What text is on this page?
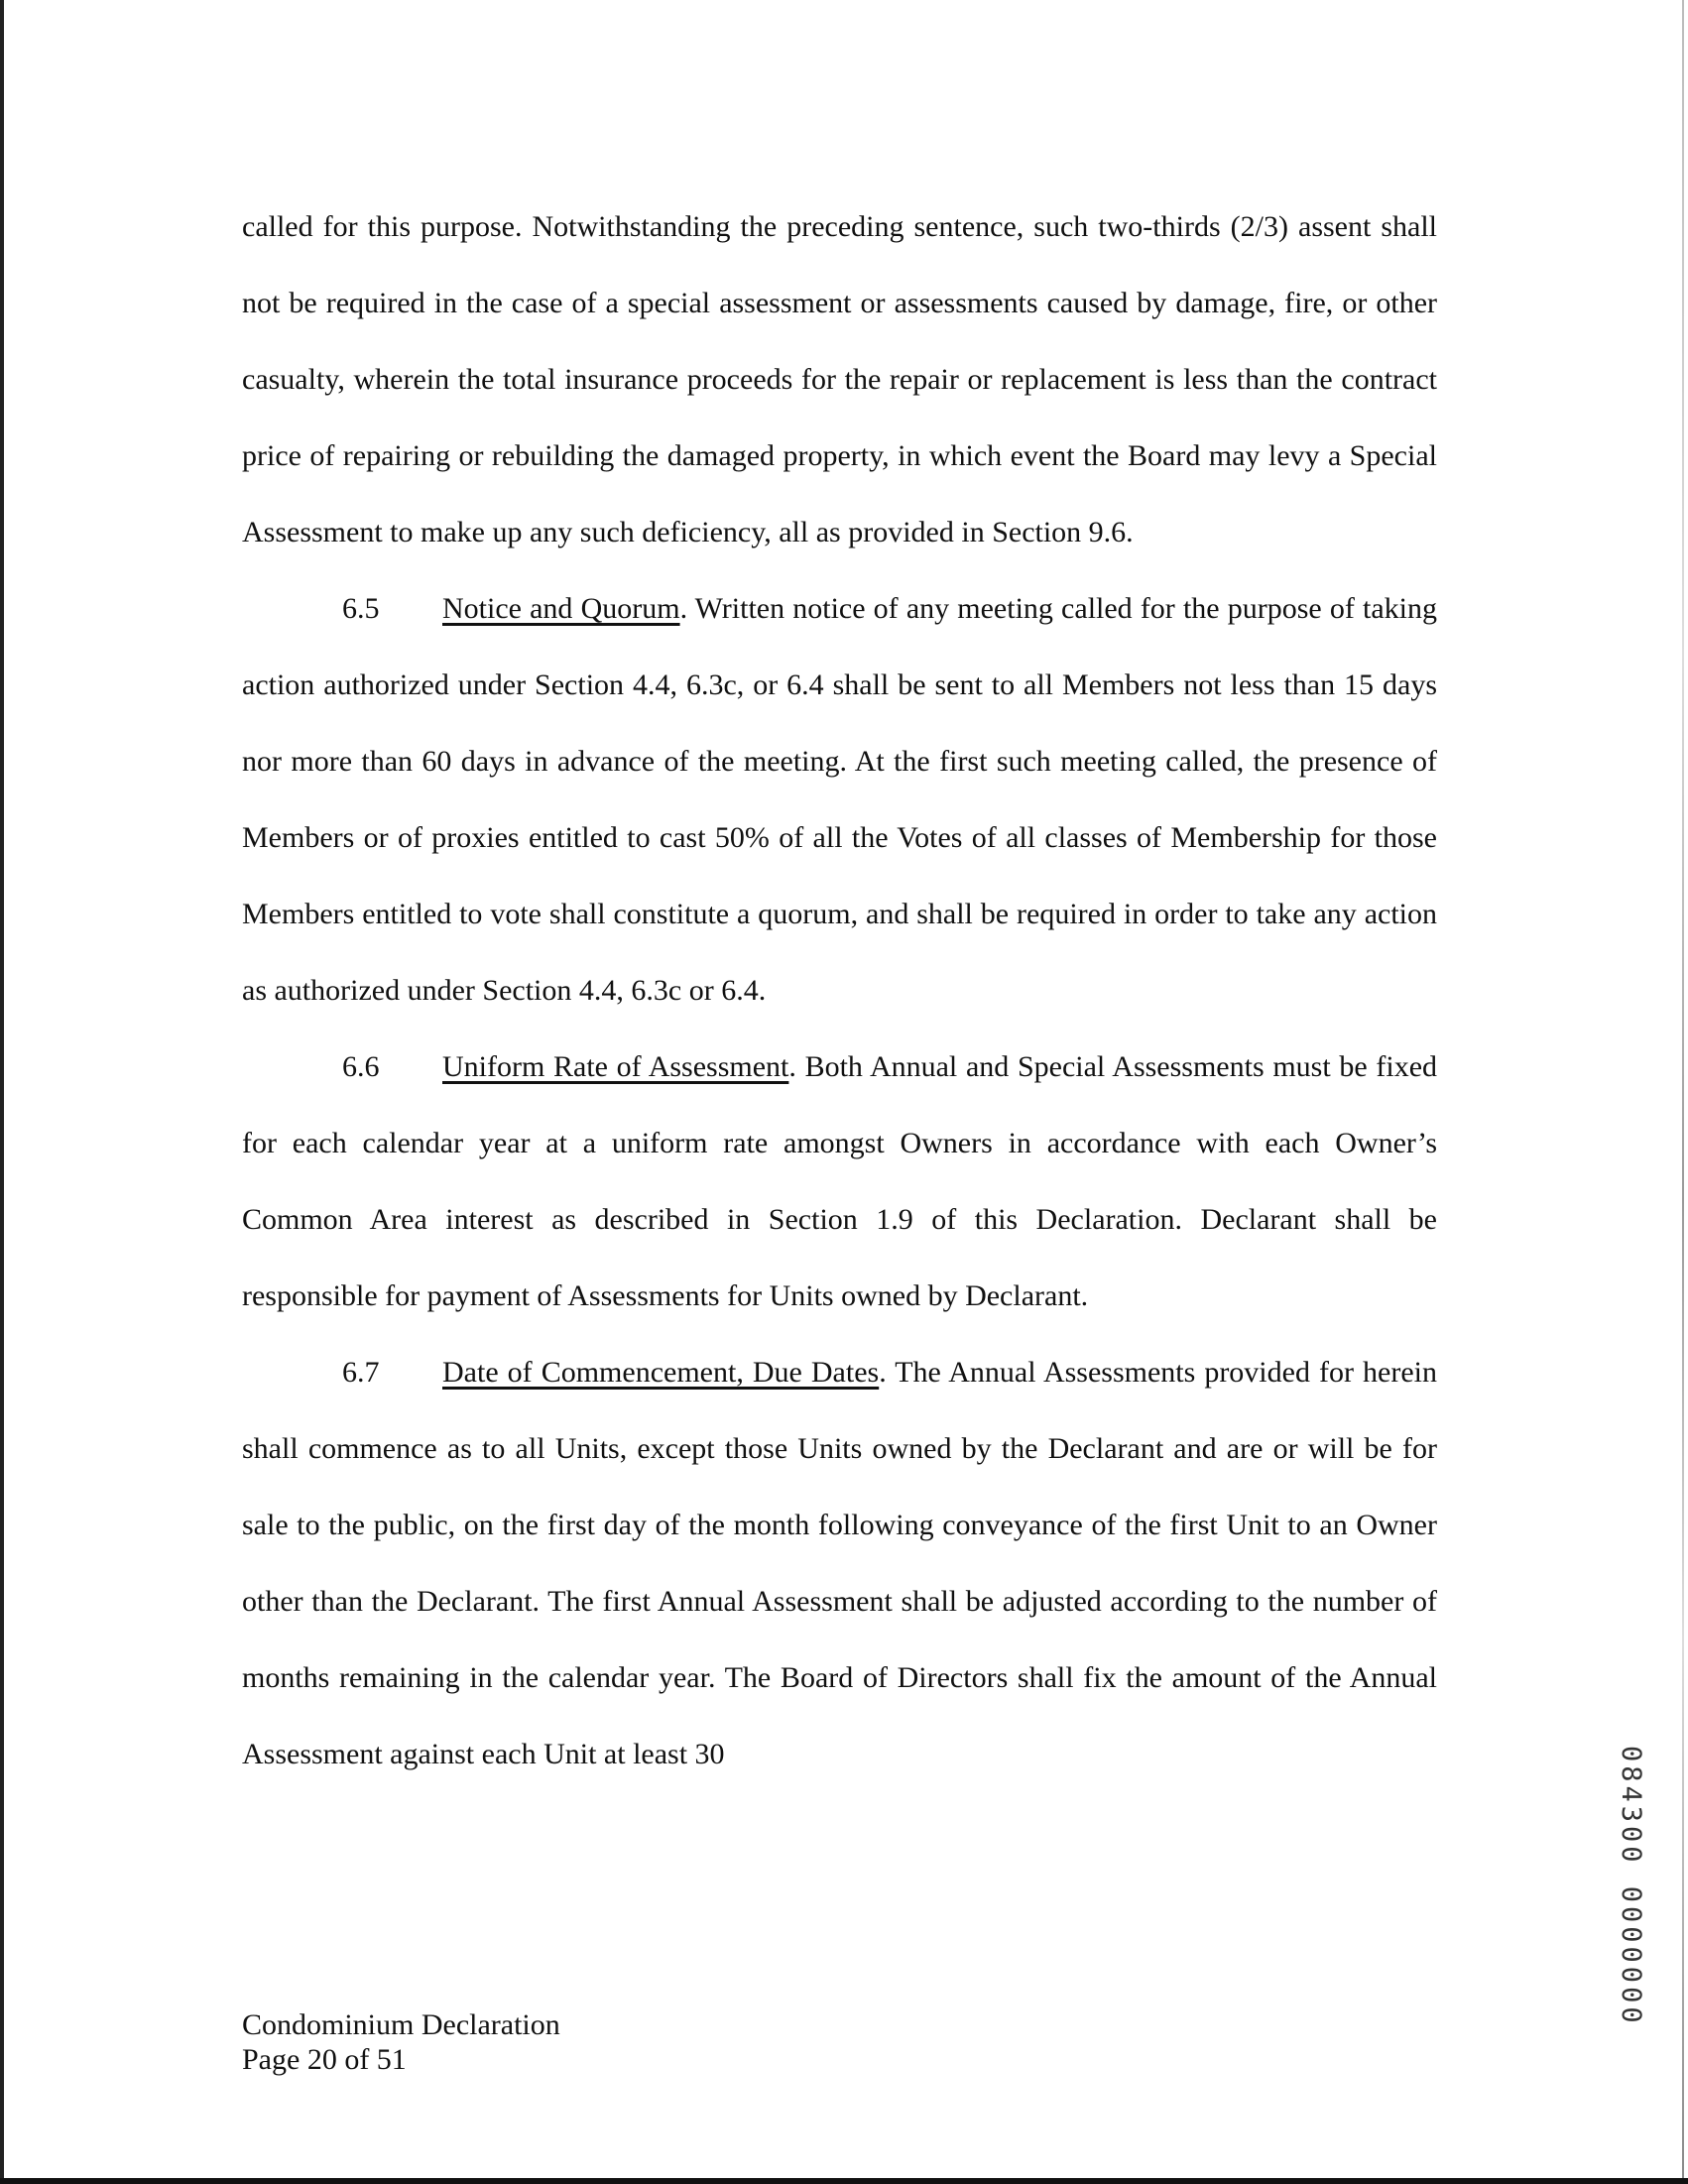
called for this purpose. Notwithstanding the preceding sentence, such two-thirds (2/3) assent shall not be required in the case of a special assessment or assessments caused by damage, fire, or other casualty, wherein the total insurance proceeds for the repair or replacement is less than the contract price of repairing or rebuilding the damaged property, in which event the Board may levy a Special Assessment to make up any such deficiency, all as provided in Section 9.6.

6.5 Notice and Quorum. Written notice of any meeting called for the purpose of taking action authorized under Section 4.4, 6.3c, or 6.4 shall be sent to all Members not less than 15 days nor more than 60 days in advance of the meeting. At the first such meeting called, the presence of Members or of proxies entitled to cast 50% of all the Votes of all classes of Membership for those Members entitled to vote shall constitute a quorum, and shall be required in order to take any action as authorized under Section 4.4, 6.3c or 6.4.

6.6 Uniform Rate of Assessment. Both Annual and Special Assessments must be fixed for each calendar year at a uniform rate amongst Owners in accordance with each Owner’s Common Area interest as described in Section 1.9 of this Declaration. Declarant shall be responsible for payment of Assessments for Units owned by Declarant.

6.7 Date of Commencement, Due Dates. The Annual Assessments provided for herein shall commence as to all Units, except those Units owned by the Declarant and are or will be for sale to the public, on the first day of the month following conveyance of the first Unit to an Owner other than the Declarant. The first Annual Assessment shall be adjusted according to the number of months remaining in the calendar year. The Board of Directors shall fix the amount of the Annual Assessment against each Unit at least 30

Condominium Declaration
Page 20 of 51
084300 0000000
